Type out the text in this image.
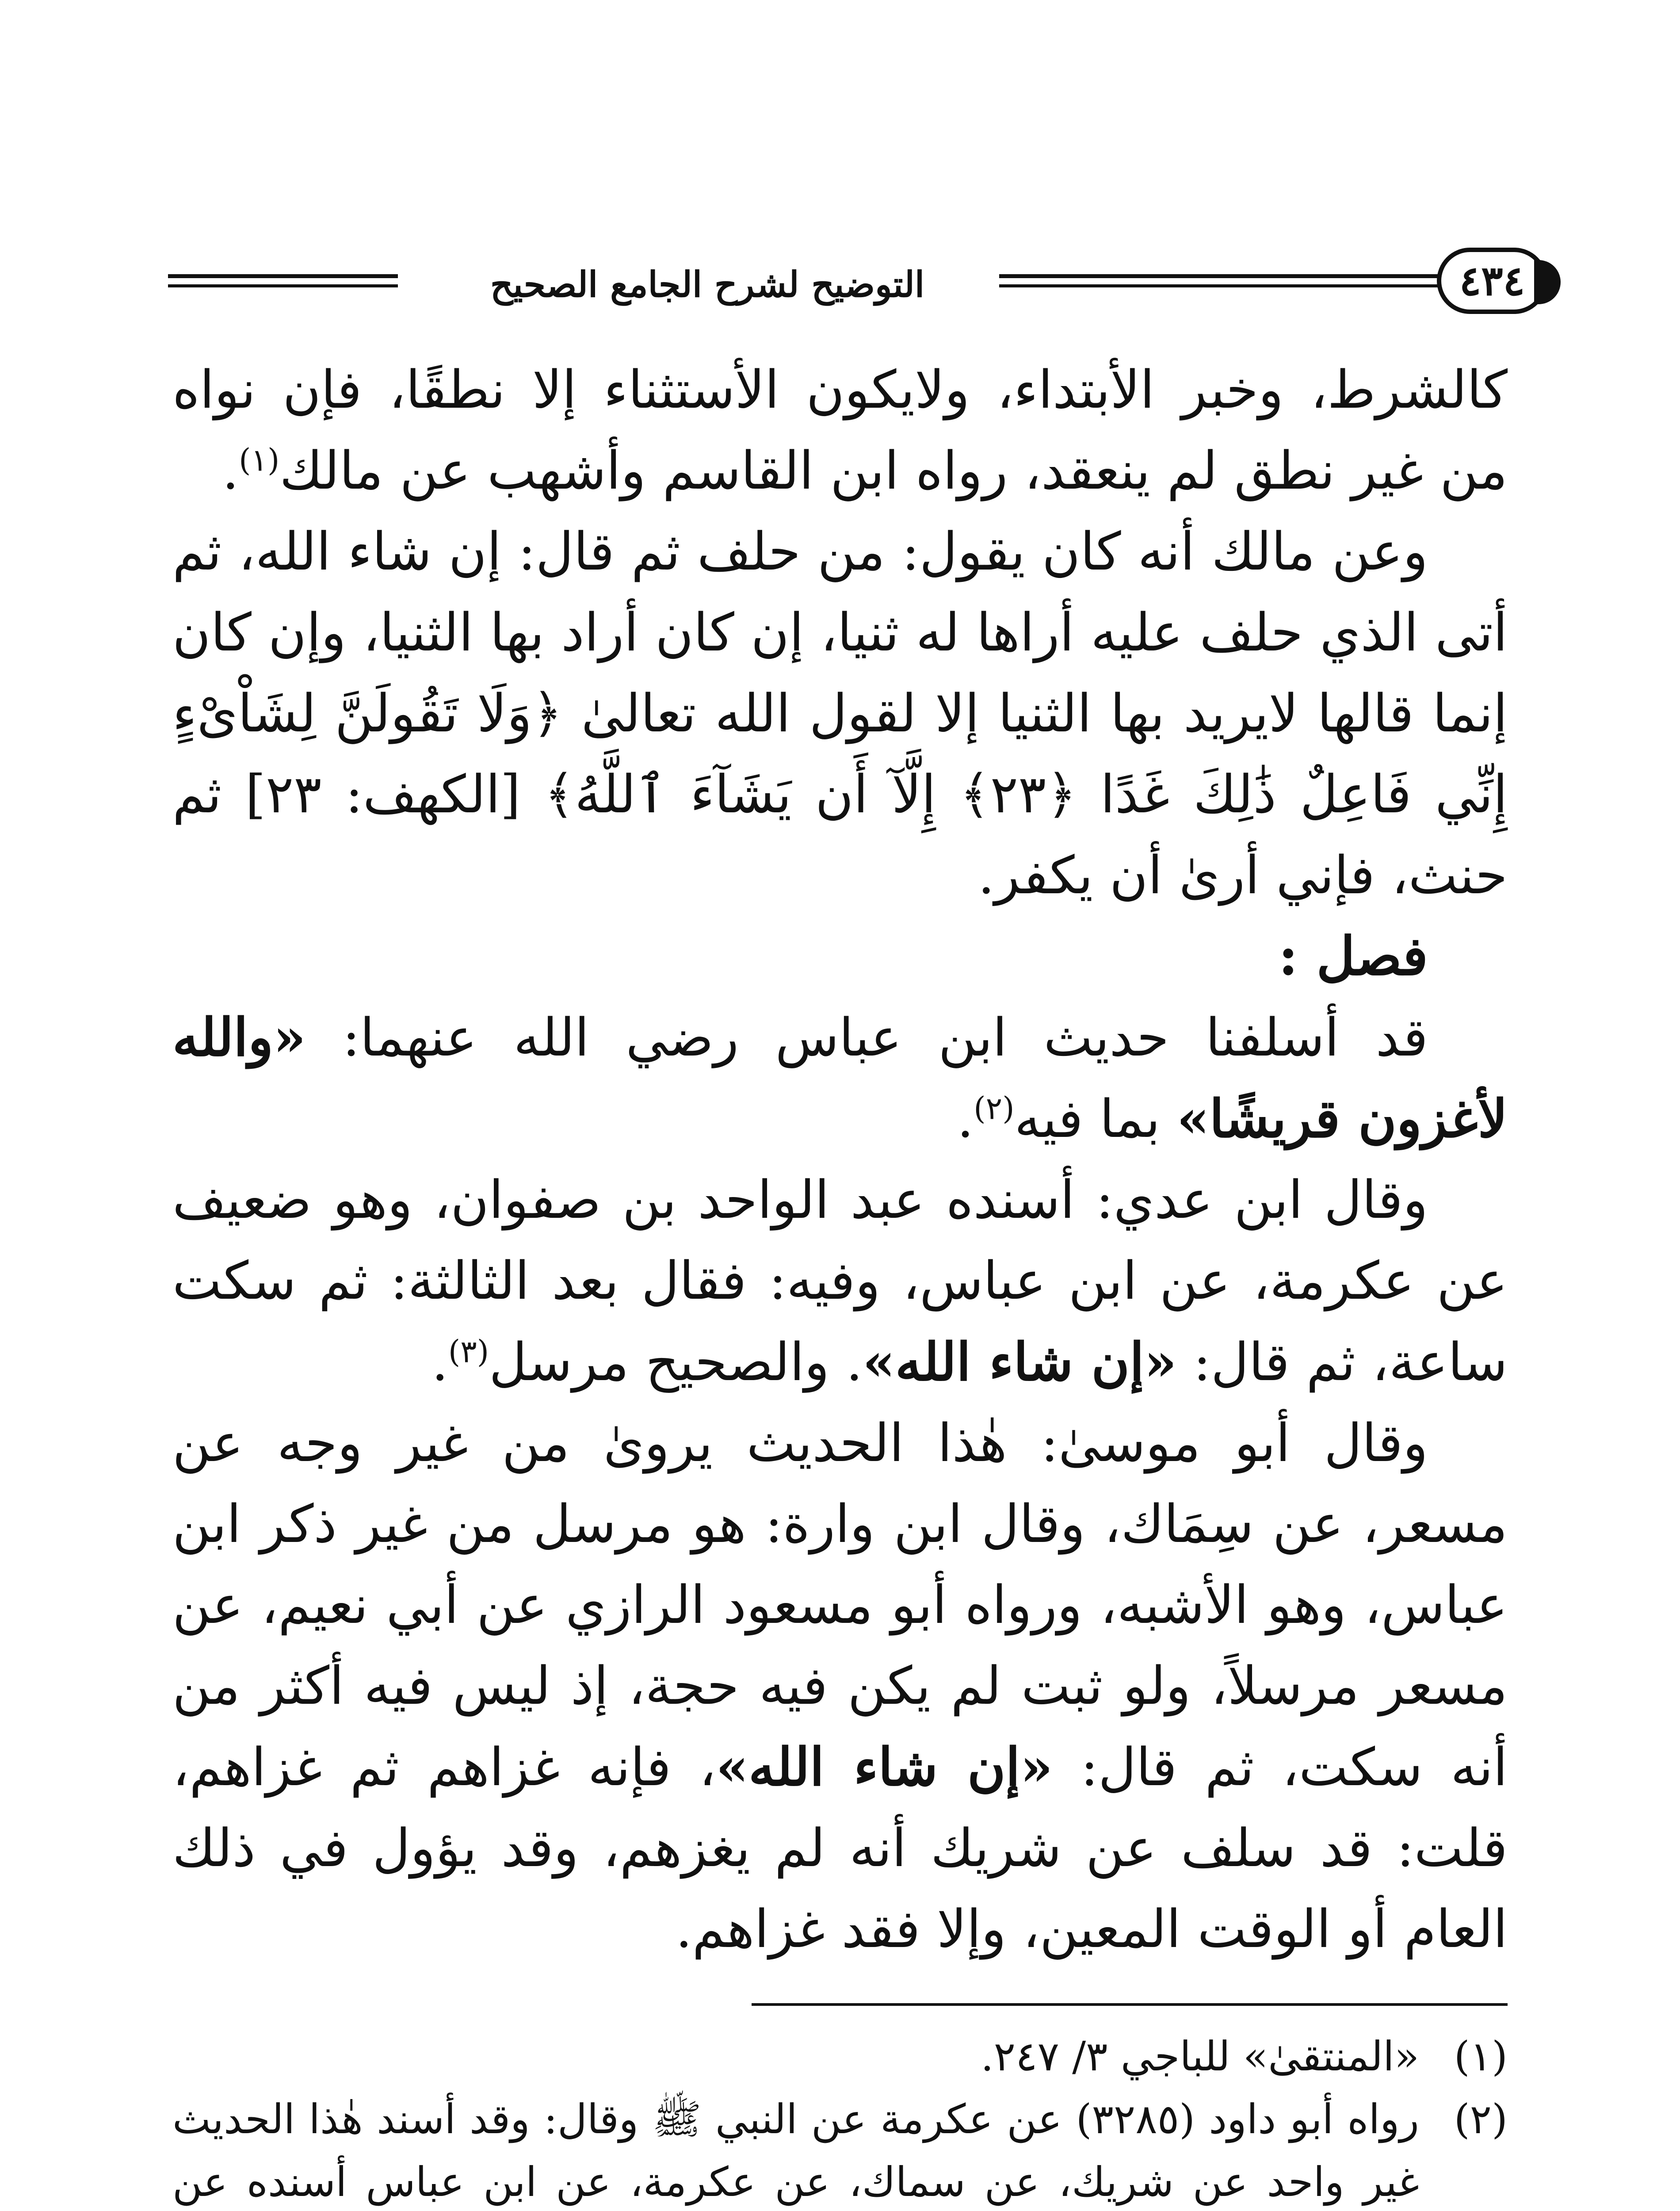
التوضيح لشرح الجامع الصحيح	٤٣٤

كالشرط، وخبر الأبتداء، ولايكون الأستثناء إلا نطقًا، فإن نواه من غير نطق لم ينعقد، رواه ابن القاسم وأشهب عن مالك$^{(١)}$.

وعن مالك أنه كان يقول: من حلف ثم قال: إن شاء الله، ثم أتى الذي حلف عليه أراها له ثنيا، إن كان أراد بها الثنيا، وإن كان إنما قالها لايريد بها الثنيا إلا لقول الله تعالىٰ ﴿وَلَا تَقُولَنَّ لِشَاْىْءٍ إِنِّي فَاعِلٌ ذَٰلِكَ غَدًا ﴿٢٣﴾ إِلَّآ أَن يَشَآءَ ٱللَّهُ﴾ [الكهف: ٢٣] ثم حنث، فإني أرىٰ أن يكفر.

فصل :

قد أسلفنا حديث ابن عباس رضي الله عنهما: «والله لأغزون قريشًا» بما فيه$^{(٢)}$.

وقال ابن عدي: أسنده عبد الواحد بن صفوان، وهو ضعيف عن عكرمة، عن ابن عباس، وفيه: فقال بعد الثالثة: ثم سكت ساعة، ثم قال: «إن شاء الله». والصحيح مرسل$^{(٣)}$.

وقال أبو موسىٰ: هٰذا الحديث يروىٰ من غير وجه عن مسعر، عن سِمَاك، وقال ابن وارة: هو مرسل من غير ذكر ابن عباس، وهو الأشبه، ورواه أبو مسعود الرازي عن أبي نعيم، عن مسعر مرسلاً، ولو ثبت لم يكن فيه حجة، إذ ليس فيه أكثر من أنه سكت، ثم قال: «إن شاء الله»، فإنه غزاهم ثم غزاهم، قلت: قد سلف عن شريك أنه لم يغزهم، وقد يؤول في ذلك العام أو الوقت المعين، وإلا فقد غزاهم.

(١)
«المنتقىٰ» للباجي ٣/ ٢٤٧.
(٢)
رواه أبو داود (٣٢٨٥) عن عكرمة عن النبي ﷺ وقال: وقد أسند هٰذا الحديث غير واحد عن شريك، عن سماك، عن عكرمة، عن ابن عباس أسنده عن
